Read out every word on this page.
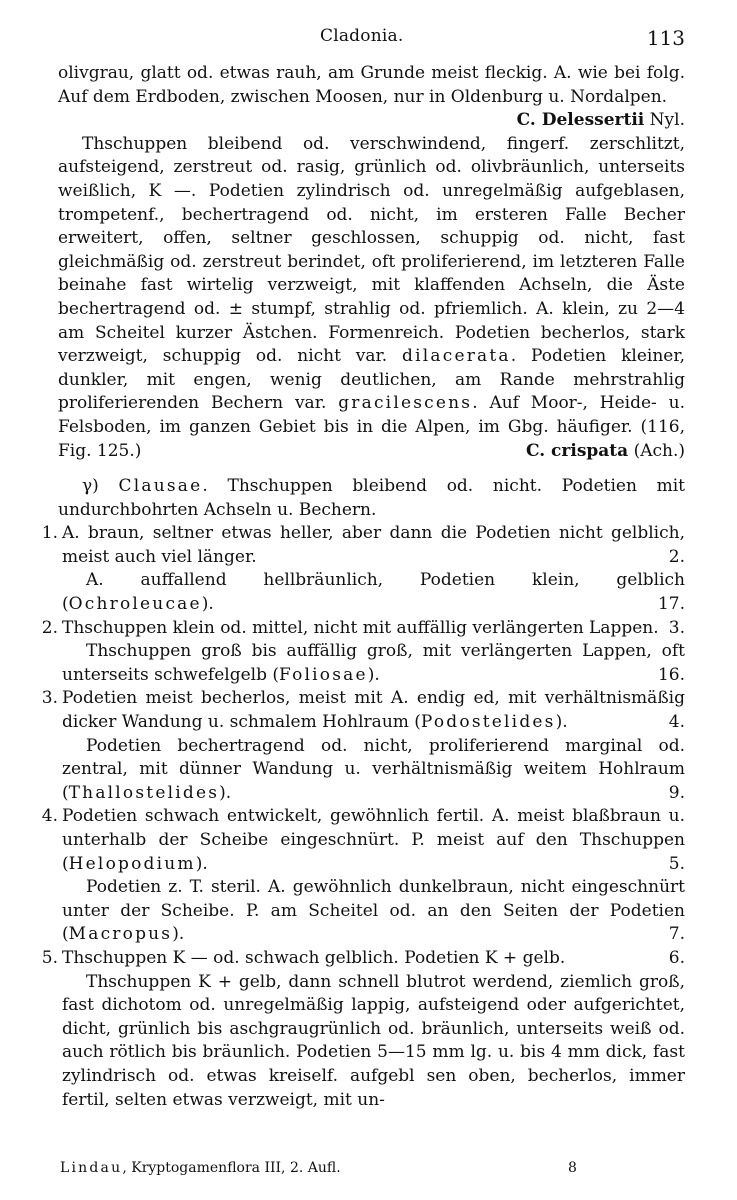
Cladonia.	113

olivgrau, glatt od. etwas rauh, am Grunde meist fleckig. A. wie bei folg. Auf dem Erdboden, zwischen Moosen, nur in Oldenburg u. Nordalpen.
C. Delessertii Nyl.

Thschuppen bleibend od. verschwindend, fingerf. zerschlitzt, aufsteigend, zerstreut od. rasig, grünlich od. olivbräunlich, unterseits weißlich, K —. Podetien zylindrisch od. unregelmäßig aufgeblasen, trompetenf., bechertragend od. nicht, im ersteren Falle Becher erweitert, offen, seltner geschlossen, schuppig od. nicht, fast gleichmäßig od. zerstreut berindet, oft proliferierend, im letzteren Falle beinahe fast wirtelig verzweigt, mit klaffenden Achseln, die Äste bechertragend od. ± stumpf, strahlig od. pfriemlich. A. klein, zu 2—4 am Scheitel kurzer Ästchen. Formenreich. Podetien becherlos, stark verzweigt, schuppig od. nicht var. dilacerata. Podetien kleiner, dunkler, mit engen, wenig deutlichen, am Rande mehrstrahlig proliferierenden Bechern var. gracilescens. Auf Moor-, Heide- u. Felsboden, im ganzen Gebiet bis in die Alpen, im Gbg. häufiger. (116, Fig. 125.)	C. crispata (Ach.)

γ) Clausae. Thschuppen bleibend od. nicht. Podetien mit undurchbohrten Achseln u. Bechern.

1. A. braun, seltner etwas heller, aber dann die Podetien nicht gelblich, meist auch viel länger.	2.
A. auffallend hellbräunlich, Podetien klein, gelblich (Ochroleucae).	17.
2. Thschuppen klein od. mittel, nicht mit auffällig verlängerten Lappen. 3.
Thschuppen groß bis auffällig groß, mit verlängerten Lappen, oft unterseits schwefelgelb (Foliosae).	16.
3. Podetien meist becherlos, meist mit A. endig ed, mit verhältnismäßig dicker Wandung u. schmalem Hohlraum (Podostelides).	4.
Podetien bechertragend od. nicht, proliferierend marginal od. zentral, mit dünner Wandung u. verhältnismäßig weitem Hohlraum (Thallostelides).	9.
4. Podetien schwach entwickelt, gewöhnlich fertil. A. meist blaßbraun u. unterhalb der Scheibe eingeschnürt. P. meist auf den Thschuppen (Helopodium).	5.
Podetien z. T. steril. A. gewöhnlich dunkelbraun, nicht eingeschnürt unter der Scheibe. P. am Scheitel od. an den Seiten der Podetien (Macropus).	7.
5. Thschuppen K — od. schwach gelblich. Podetien K + gelb.	6.
Thschuppen K + gelb, dann schnell blutrot werdend, ziemlich groß, fast dichotom od. unregelmäßig lappig, aufsteigend oder aufgerichtet, dicht, grünlich bis aschgraugrünlich od. bräunlich, unterseits weiß od. auch rötlich bis bräunlich. Podetien 5—15 mm lg. u. bis 4 mm dick, fast zylindrisch od. etwas kreiself. aufgebl sen oben, becherlos, immer fertil, selten etwas verzweigt, mit un-
Lindau, Kryptogamenflora III, 2. Aufl.	8
